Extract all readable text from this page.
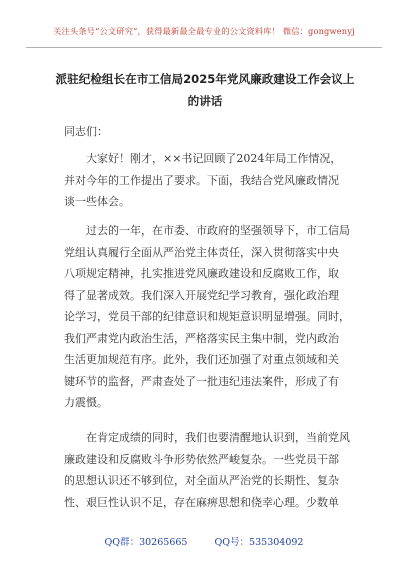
关注头条号“公文研究”，获得最新最全最专业的公文资料库！ 微信：gongwenyj
派驻纪检组长在市工信局2025年党风廉政建设工作会议上
的讲话
同志们：

大家好！刚才，××书记回顾了2024年局工作情况，
并对今年的工作提出了要求。下面，我结合党风廉政情况
谈一些体会。

过去的一年，在市委、市政府的坚强领导下，市工信局
党组认真履行全面从严治党主体责任，深入贯彻落实中央
八项规定精神，扎实推进党风廉政建设和反腐败工作，取
得了显著成效。我们深入开展党纪学习教育，强化政治理
论学习，党员干部的纪律意识和规矩意识明显增强。同时，
我们严肃党内政治生活，严格落实民主集中制，党内政治
生活更加规范有序。此外，我们还加强了对重点领域和关
键环节的监督，严肃查处了一批违纪违法案件，形成了有
力震慑。

在肯定成绩的同时，我们也要清醒地认识到，当前党风
廉政建设和反腐败斗争形势依然严峻复杂。一些党员干部
的思想认识还不够到位，对全面从严治党的长期性、复杂
性、艰巨性认识不足，存在麻痹思想和侥幸心理。少数单

QQ群：30265665	QQ号：535304092
